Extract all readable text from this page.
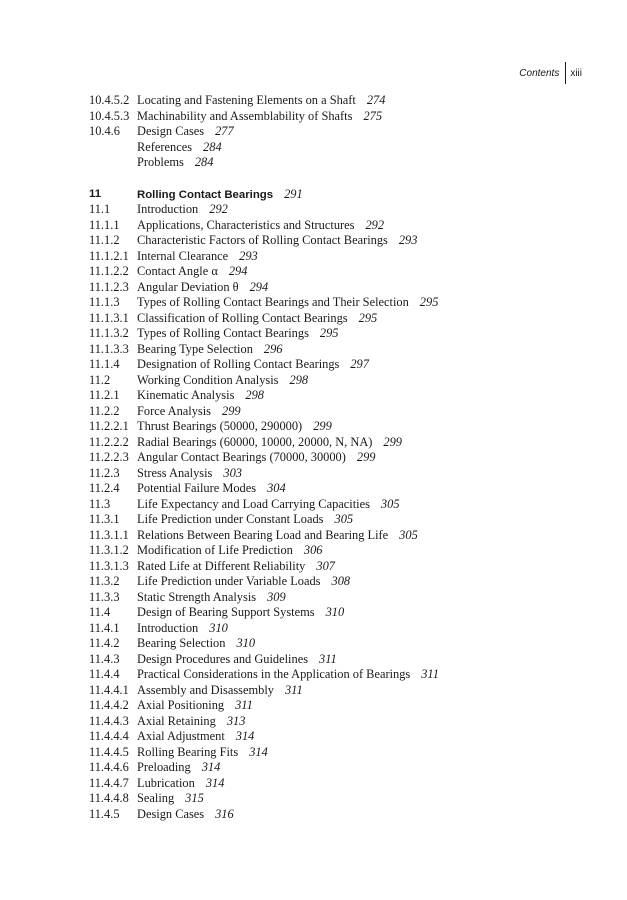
Contents	xiii
10.4.5.2 Locating and Fastening Elements on a Shaft 274
10.4.5.3 Machinability and Assemblability of Shafts 275
10.4.6	Design Cases 277
References 284
Problems 284
11	Rolling Contact Bearings 291
11.1	Introduction 292
11.1.1	Applications, Characteristics and Structures 292
11.1.2	Characteristic Factors of Rolling Contact Bearings 293
11.1.2.1 Internal Clearance 293
11.1.2.2 Contact Angle α 294
11.1.2.3 Angular Deviation θ 294
11.1.3	Types of Rolling Contact Bearings and Their Selection 295
11.1.3.1 Classification of Rolling Contact Bearings 295
11.1.3.2 Types of Rolling Contact Bearings 295
11.1.3.3 Bearing Type Selection 296
11.1.4	Designation of Rolling Contact Bearings 297
11.2	Working Condition Analysis 298
11.2.1	Kinematic Analysis 298
11.2.2	Force Analysis 299
11.2.2.1 Thrust Bearings (50000, 290000) 299
11.2.2.2 Radial Bearings (60000, 10000, 20000, N, NA) 299
11.2.2.3 Angular Contact Bearings (70000, 30000) 299
11.2.3	Stress Analysis 303
11.2.4	Potential Failure Modes 304
11.3	Life Expectancy and Load Carrying Capacities 305
11.3.1	Life Prediction under Constant Loads 305
11.3.1.1 Relations Between Bearing Load and Bearing Life 305
11.3.1.2 Modification of Life Prediction 306
11.3.1.3 Rated Life at Different Reliability 307
11.3.2	Life Prediction under Variable Loads 308
11.3.3	Static Strength Analysis 309
11.4	Design of Bearing Support Systems 310
11.4.1	Introduction 310
11.4.2	Bearing Selection 310
11.4.3	Design Procedures and Guidelines 311
11.4.4	Practical Considerations in the Application of Bearings 311
11.4.4.1 Assembly and Disassembly 311
11.4.4.2 Axial Positioning 311
11.4.4.3 Axial Retaining 313
11.4.4.4 Axial Adjustment 314
11.4.4.5 Rolling Bearing Fits 314
11.4.4.6 Preloading 314
11.4.4.7 Lubrication 314
11.4.4.8 Sealing 315
11.4.5	Design Cases 316
